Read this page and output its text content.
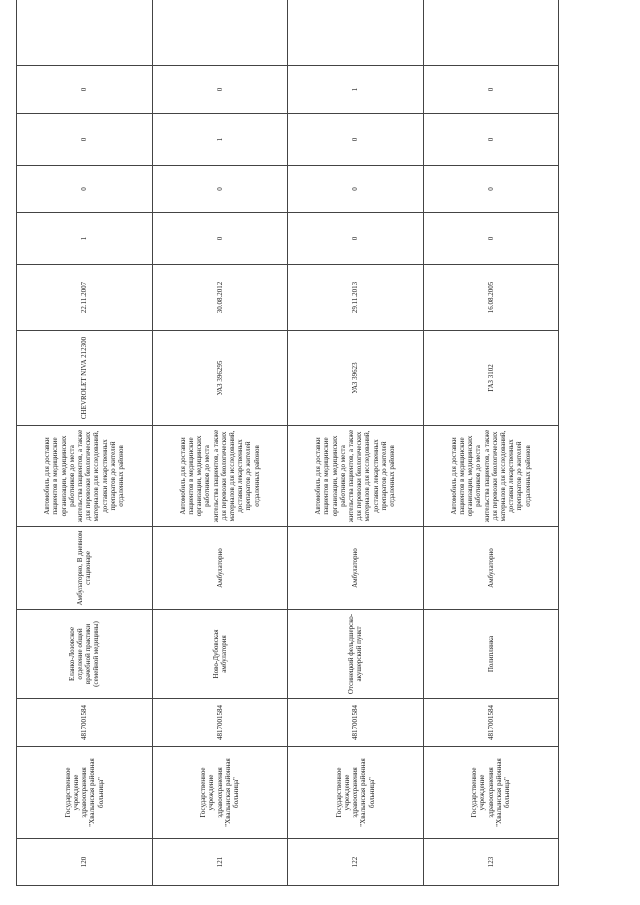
120	Государственное учреждение здравоохранения "Хвалынская районная больница"	4817001584	Еланко-Лозовское отделение общей врачебной практики (семейной медицины)	Амбулаторно, В дневном стационаре	Автомобиль для доставки пациентов в медицинские организации, медицинских работников до места жительства пациентов, а также для перевозки биологических материалов для исследований, доставки лекарственных препаратов до жителей отдаленных районов	CHEVROLET NIVA 212300	22.11.2007	1	0	0	0	
121	Государственное учреждение здравоохранения "Хвалынская районная больница"	4817001584	Ново-Дубовская амбулатория	Амбулаторно	Автомобиль для доставки пациентов в медицинские организации, медицинских работников до места жительства пациентов, а также для перевозки биологических материалов для исследований, доставки лекарственных препаратов до жителей отдаленных районов	УАЗ 396295	30.08.2012	0	0	1	0	
122	Государственное учреждение здравоохранения "Хвалынская районная больница"	4817001584	Отсинецкий фельдшерско-акушерский пункт	Амбулаторно	Автомобиль для доставки пациентов в медицинские организации, медицинских работников до места жительства пациентов, а также для перевозки биологических материалов для исследований, доставки лекарственных препаратов до жителей отдаленных районов	УАЗ 39623	29.11.2013	0	0	0	1	
123	Государственное учреждение здравоохранения "Хвалынская районная больница"	4817001584	Полиплянка	Амбулаторно	Автомобиль для доставки пациентов в медицинские организации, медицинских работников до места жительства пациентов, а также для перевозки биологических материалов для исследований, доставки лекарственных препаратов до жителей отдаленных районов	ГАЗ 3102	16.08.2005	0	0	0	0	
